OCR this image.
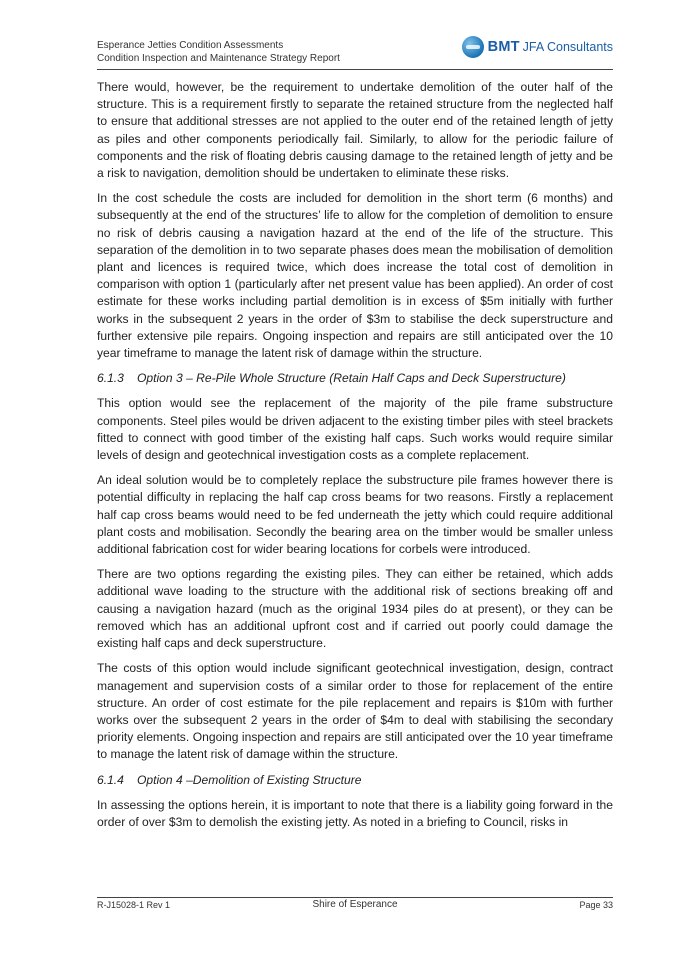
Esperance Jetties Condition Assessments
Condition Inspection and Maintenance Strategy Report
BMT JFA Consultants

There would, however, be the requirement to undertake demolition of the outer half of the structure. This is a requirement firstly to separate the retained structure from the neglected half to ensure that additional stresses are not applied to the outer end of the retained length of jetty as piles and other components periodically fail. Similarly, to allow for the periodic failure of components and the risk of floating debris causing damage to the retained length of jetty and be a risk to navigation, demolition should be undertaken to eliminate these risks.

In the cost schedule the costs are included for demolition in the short term (6 months) and subsequently at the end of the structures’ life to allow for the completion of demolition to ensure no risk of debris causing a navigation hazard at the end of the life of the structure. This separation of the demolition in to two separate phases does mean the mobilisation of demolition plant and licences is required twice, which does increase the total cost of demolition in comparison with option 1 (particularly after net present value has been applied). An order of cost estimate for these works including partial demolition is in excess of $5m initially with further works in the subsequent 2 years in the order of $3m to stabilise the deck superstructure and further extensive pile repairs. Ongoing inspection and repairs are still anticipated over the 10 year timeframe to manage the latent risk of damage within the structure.

6.1.3 Option 3 – Re-Pile Whole Structure (Retain Half Caps and Deck Superstructure)

This option would see the replacement of the majority of the pile frame substructure components. Steel piles would be driven adjacent to the existing timber piles with steel brackets fitted to connect with good timber of the existing half caps. Such works would require similar levels of design and geotechnical investigation costs as a complete replacement.

An ideal solution would be to completely replace the substructure pile frames however there is potential difficulty in replacing the half cap cross beams for two reasons. Firstly a replacement half cap cross beams would need to be fed underneath the jetty which could require additional plant costs and mobilisation. Secondly the bearing area on the timber would be smaller unless additional fabrication cost for wider bearing locations for corbels were introduced.

There are two options regarding the existing piles. They can either be retained, which adds additional wave loading to the structure with the additional risk of sections breaking off and causing a navigation hazard (much as the original 1934 piles do at present), or they can be removed which has an additional upfront cost and if carried out poorly could damage the existing half caps and deck superstructure.

The costs of this option would include significant geotechnical investigation, design, contract management and supervision costs of a similar order to those for replacement of the entire structure. An order of cost estimate for the pile replacement and repairs is $10m with further works over the subsequent 2 years in the order of $4m to deal with stabilising the secondary priority elements. Ongoing inspection and repairs are still anticipated over the 10 year timeframe to manage the latent risk of damage within the structure.

6.1.4 Option 4 –Demolition of Existing Structure

In assessing the options herein, it is important to note that there is a liability going forward in the order of over $3m to demolish the existing jetty. As noted in a briefing to Council, risks in

R-J15028-1 Rev 1	Shire of Esperance	Page 33
